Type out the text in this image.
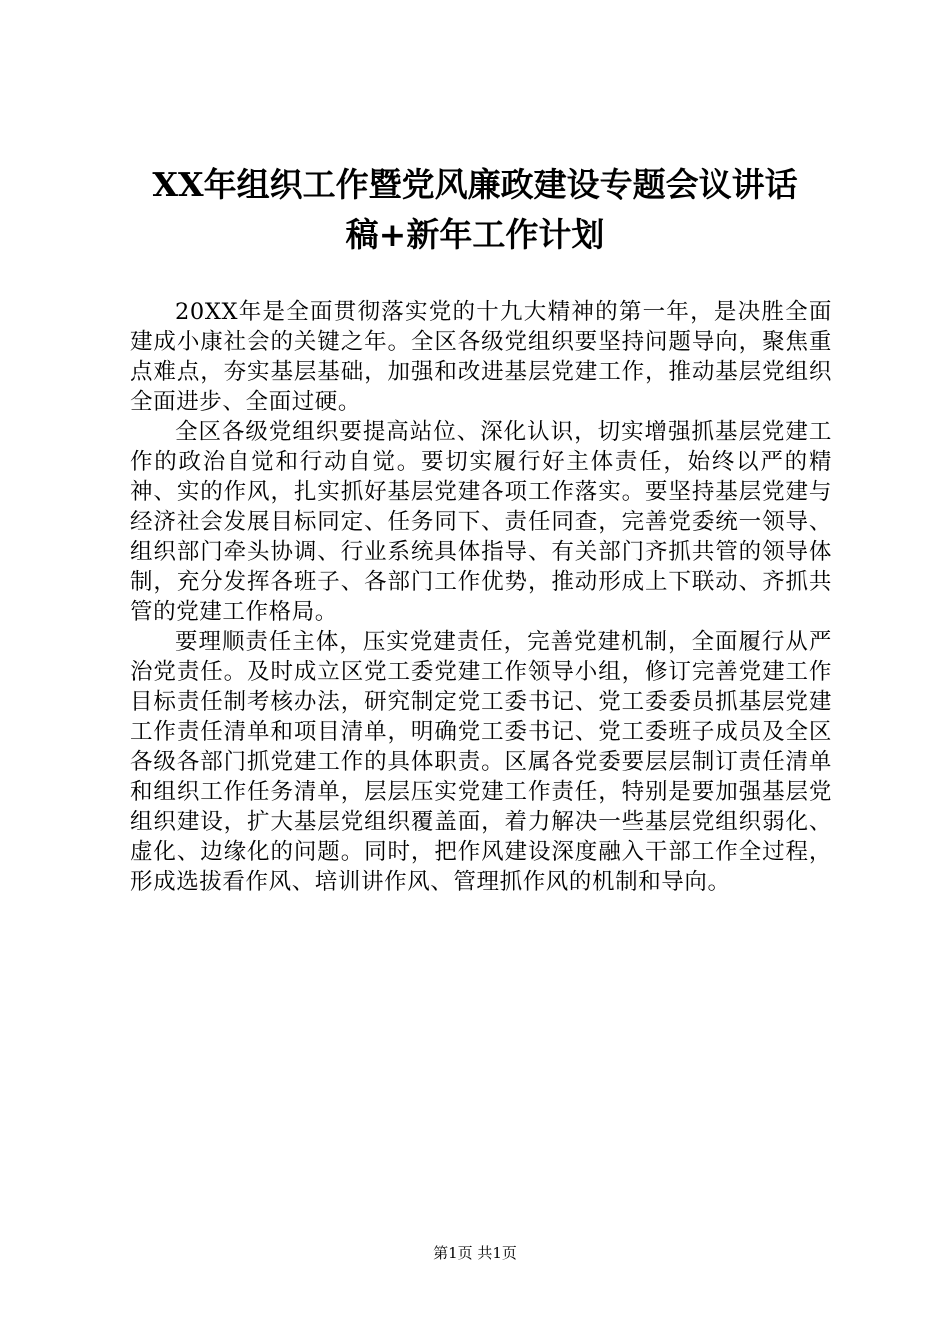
XX年组织工作暨党风廉政建设专题会议讲话
稿+新年工作计划

20XX年是全面贯彻落实党的十九大精神的第一年，是决胜全面建成小康社会的关键之年。全区各级党组织要坚持问题导向，聚焦重点难点，夯实基层基础，加强和改进基层党建工作，推动基层党组织全面进步、全面过硬。

全区各级党组织要提高站位、深化认识，切实增强抓基层党建工作的政治自觉和行动自觉。要切实履行好主体责任，始终以严的精神、实的作风，扎实抓好基层党建各项工作落实。要坚持基层党建与经济社会发展目标同定、任务同下、责任同查，完善党委统一领导、组织部门牵头协调、行业系统具体指导、有关部门齐抓共管的领导体制，充分发挥各班子、各部门工作优势，推动形成上下联动、齐抓共管的党建工作格局。

要理顺责任主体，压实党建责任，完善党建机制，全面履行从严治党责任。及时成立区党工委党建工作领导小组，修订完善党建工作目标责任制考核办法，研究制定党工委书记、党工委委员抓基层党建工作责任清单和项目清单，明确党工委书记、党工委班子成员及全区各级各部门抓党建工作的具体职责。区属各党委要层层制订责任清单和组织工作任务清单，层层压实党建工作责任，特别是要加强基层党组织建设，扩大基层党组织覆盖面，着力解决一些基层党组织弱化、虚化、边缘化的问题。同时，把作风建设深度融入干部工作全过程，形成选拔看作风、培训讲作风、管理抓作风的机制和导向。

第1页 共1页
